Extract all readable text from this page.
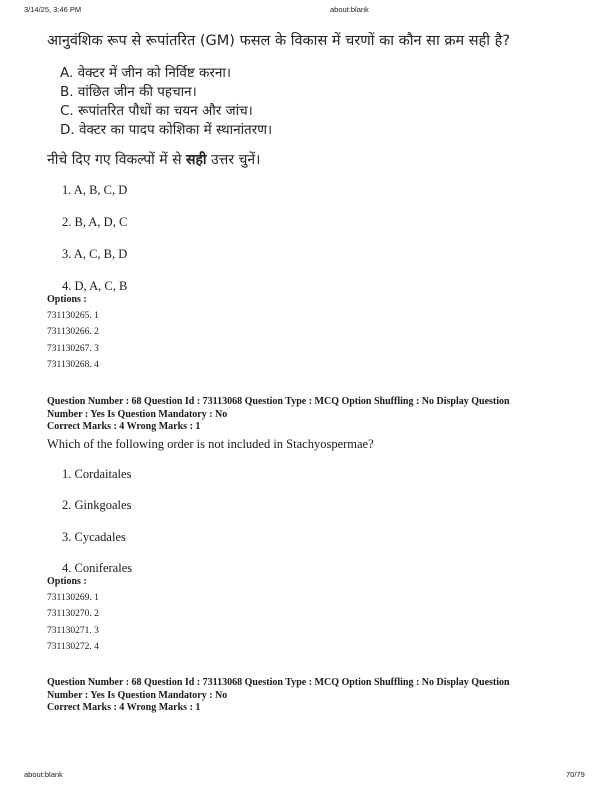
3/14/25, 3:46 PM	about:blank
आनुवंशिक रूप से रूपांतरित (GM) फसल के विकास में चरणों का कौन सा क्रम सही है?
A. वेक्टर में जीन को निर्विष्ट करना।
B. वांछित जीन की पहचान।
C. रूपांतरित पौधों का चयन और जांच।
D. वेक्टर का पादप कोशिका में स्थानांतरण।
नीचे दिए गए विकल्पों में से सही उत्तर चुनें।
1. A, B, C, D
2. B, A, D, C
3. A, C, B, D
4. D, A, C, B
Options :
731130265. 1
731130266. 2
731130267. 3
731130268. 4
Question Number : 68 Question Id : 73113068 Question Type : MCQ Option Shuffling : No Display Question
Number : Yes Is Question Mandatory : No
Correct Marks : 4 Wrong Marks : 1
Which of the following order is not included in Stachyospermae?
1. Cordaitales
2. Ginkgoales
3. Cycadales
4. Coniferales
Options :
731130269. 1
731130270. 2
731130271. 3
731130272. 4
Question Number : 68 Question Id : 73113068 Question Type : MCQ Option Shuffling : No Display Question
Number : Yes Is Question Mandatory : No
Correct Marks : 4 Wrong Marks : 1
about:blank	70/79
